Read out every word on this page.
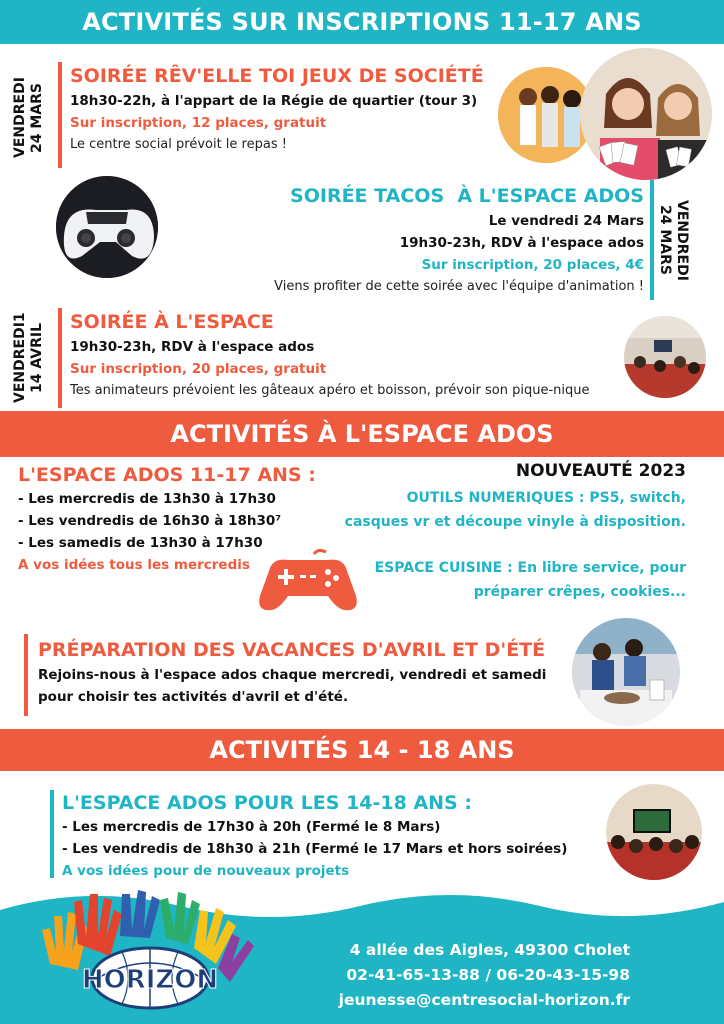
ACTIVITÉS SUR INSCRIPTIONS 11-17 ANS
VENDREDI
24 MARS
SOIRÉE RÊV'ELLE TOI JEUX DE SOCIÉTÉ
18h30-22h, à l'appart de la Régie de quartier (tour 3)
Sur inscription, 12 places, gratuit
Le centre social prévoit le repas !
SOIRÉE TACOS  À L'ESPACE ADOS
Le vendredi 24 Mars
19h30-23h, RDV à l'espace ados
Sur inscription, 20 places, 4€
Viens profiter de cette soirée avec l'équipe d'animation !
VENDREDI
24 MARS
VENDREDI1
14 AVRIL
SOIRÉE À L'ESPACE
19h30-23h, RDV à l'espace ados
Sur inscription, 20 places, gratuit
Tes animateurs prévoient les gâteaux apéro et boisson, prévoir son pique-nique
ACTIVITÉS À L'ESPACE ADOS
L'ESPACE ADOS 11-17 ANS :
- Les mercredis de 13h30 à 17h30
- Les vendredis de 16h30 à 18h30⁷
- Les samedis de 13h30 à 17h30
A vos idées tous les mercredis
NOUVEAUTÉ 2023
OUTILS NUMERIQUES : PS5, switch,
casques vr et découpe vinyle à disposition.
ESPACE CUISINE : En libre service, pour
préparer crêpes, cookies...
PRÉPARATION DES VACANCES D'AVRIL ET D'ÉTÉ
Rejoins-nous à l'espace ados chaque mercredi, vendredi et samedi
pour choisir tes activités d'avril et d'été.
ACTIVITÉS 14 - 18 ANS
L'ESPACE ADOS POUR LES 14-18 ANS :
- Les mercredis de 17h30 à 20h (Fermé le 8 Mars)
- Les vendredis de 18h30 à 21h (Fermé le 17 Mars et hors soirées)
A vos idées pour de nouveaux projets
HORIZON
4 allée des Aigles, 49300 Cholet
02-41-65-13-88 / 06-20-43-15-98
jeunesse@centresocial-horizon.fr
